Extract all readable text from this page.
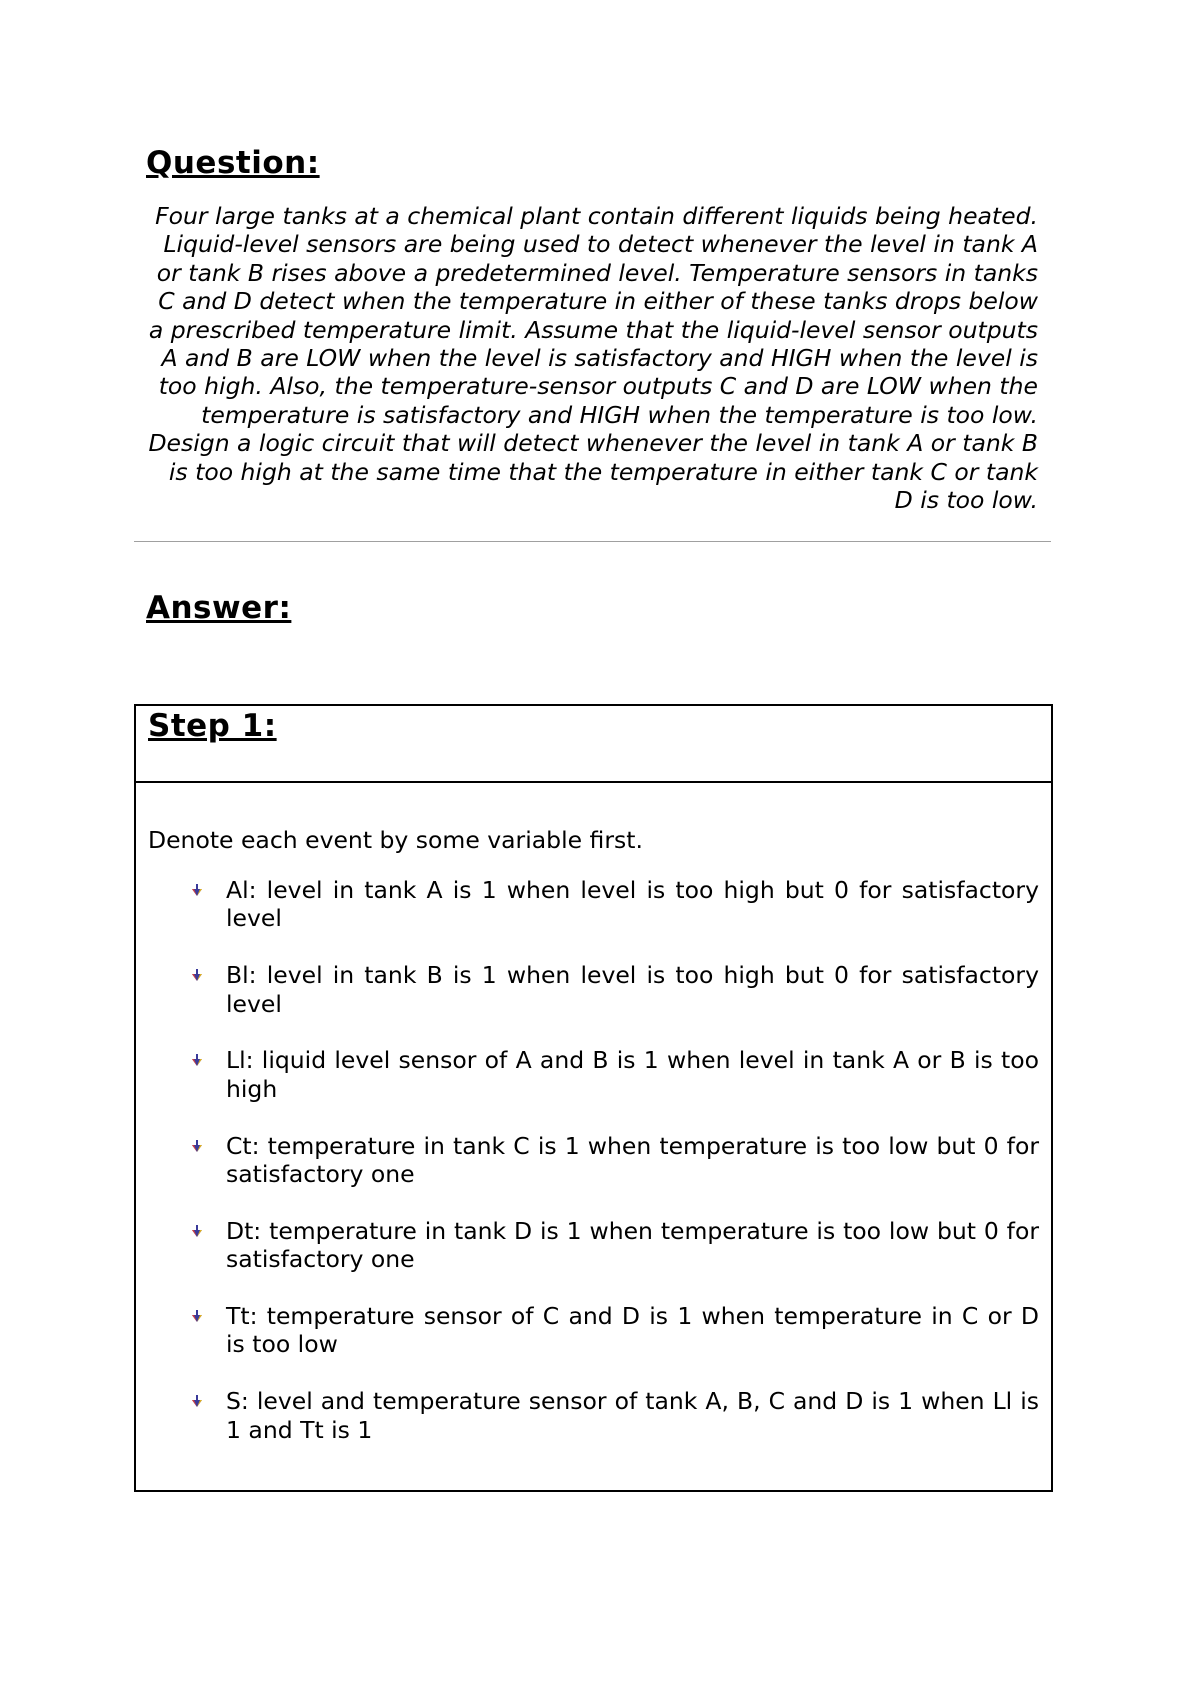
Question:

Four large tanks at a chemical plant contain different liquids being heated. Liquid-level sensors are being used to detect whenever the level in tank A or tank B rises above a predetermined level. Temperature sensors in tanks C and D detect when the temperature in either of these tanks drops below a prescribed temperature limit. Assume that the liquid-level sensor outputs A and B are LOW when the level is satisfactory and HIGH when the level is too high. Also, the temperature-sensor outputs C and D are LOW when the temperature is satisfactory and HIGH when the temperature is too low. Design a logic circuit that will detect whenever the level in tank A or tank B is too high at the same time that the temperature in either tank C or tank D is too low.

Answer:
Step 1:

Denote each event by some variable first.

Al: level in tank A is 1 when level is too high but 0 for satisfactory level
Bl: level in tank B is 1 when level is too high but 0 for satisfactory level
Ll: liquid level sensor of A and B is 1 when level in tank A or B is too high
Ct: temperature in tank C is 1 when temperature is too low but 0 for satisfactory one
Dt: temperature in tank D is 1 when temperature is too low but 0 for satisfactory one
Tt: temperature sensor of C and D is 1 when temperature in C or D is too low
S: level and temperature sensor of tank A, B, C and D is 1 when Ll is 1 and Tt is 1
